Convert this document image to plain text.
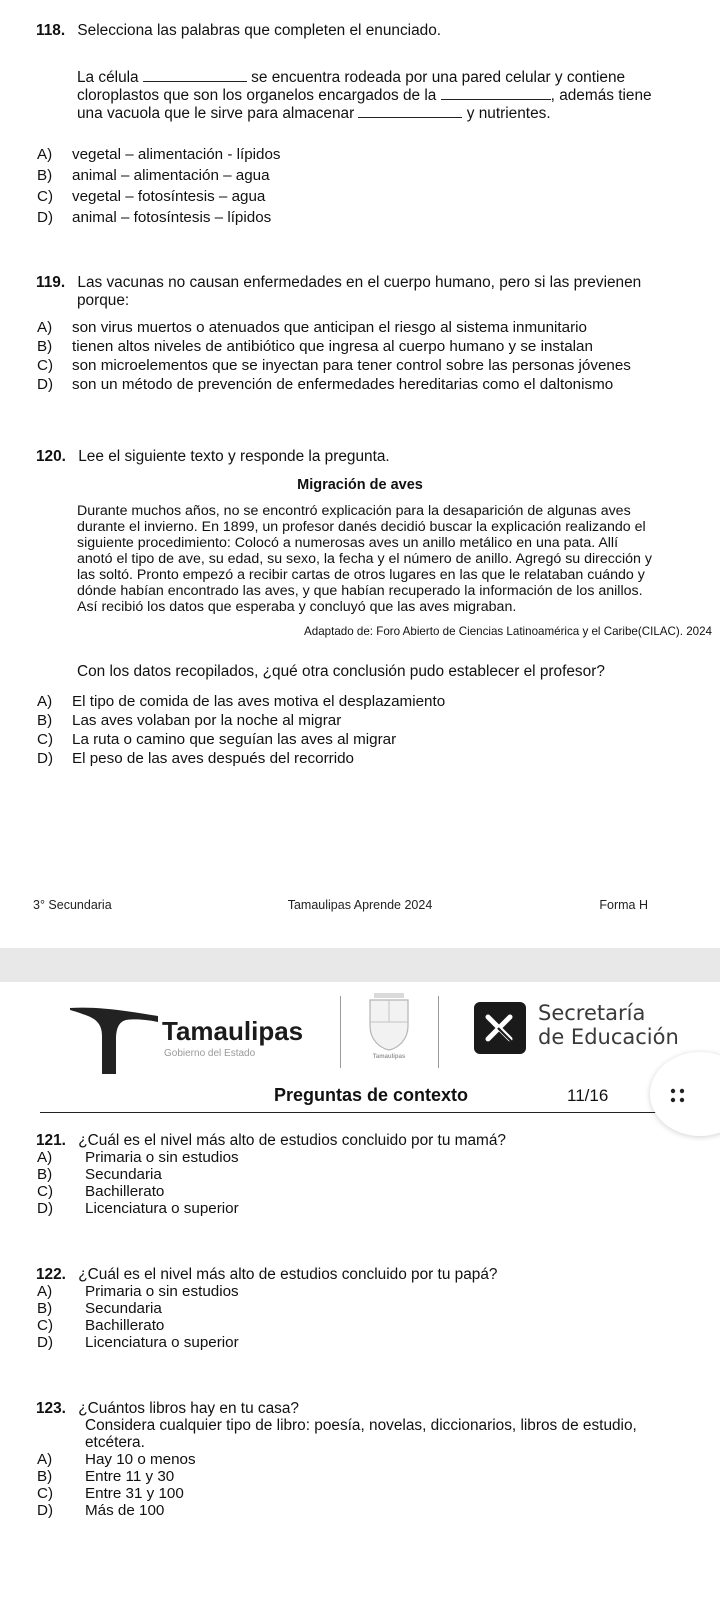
118. Selecciona las palabras que completen el enunciado.
La célula	se encuentra rodeada por una pared celular y contiene
cloroplastos que son los organelos encargados de la	, además tiene
una vacuola que le sirve para almacenar	y nutrientes.
A) vegetal – alimentación - lípidos
B) animal – alimentación – agua
C) vegetal – fotosíntesis – agua
D) animal – fotosíntesis – lípidos
119. Las vacunas no causan enfermedades en el cuerpo humano, pero si las previenen
porque:
A) son virus muertos o atenuados que anticipan el riesgo al sistema inmunitario
B) tienen altos niveles de antibiótico que ingresa al cuerpo humano y se instalan
C) son microelementos que se inyectan para tener control sobre las personas jóvenes
D) son un método de prevención de enfermedades hereditarias como el daltonismo
120. Lee el siguiente texto y responde la pregunta.
Migración de aves
Durante muchos años, no se encontró explicación para la desaparición de algunas aves
durante el invierno. En 1899, un profesor danés decidió buscar la explicación realizando el
siguiente procedimiento: Colocó a numerosas aves un anillo metálico en una pata. Allí
anotó el tipo de ave, su edad, su sexo, la fecha y el número de anillo. Agregó su dirección y
las soltó. Pronto empezó a recibir cartas de otros lugares en las que le relataban cuándo y
dónde habían encontrado las aves, y que habían recuperado la información de los anillos.
Así recibió los datos que esperaba y concluyó que las aves migraban.
Adaptado de: Foro Abierto de Ciencias Latinoamérica y el Caribe(CILAC). 2024
Con los datos recopilados, ¿qué otra conclusión pudo establecer el profesor?
A) El tipo de comida de las aves motiva el desplazamiento
B) Las aves volaban por la noche al migrar
C) La ruta o camino que seguían las aves al migrar
D) El peso de las aves después del recorrido
3° Secundaria	Tamaulipas Aprende 2024	Forma H
Tamaulipas
Gobierno del Estado	Tamaulipas
Secretaría
de Educación
Preguntas de contexto	11/16
121. ¿Cuál es el nivel más alto de estudios concluido por tu mamá?
A) Primaria o sin estudios
B) Secundaria
C) Bachillerato
D) Licenciatura o superior
122. ¿Cuál es el nivel más alto de estudios concluido por tu papá?
A) Primaria o sin estudios
B) Secundaria
C) Bachillerato
D) Licenciatura o superior
123. ¿Cuántos libros hay en tu casa?
Considera cualquier tipo de libro: poesía, novelas, diccionarios, libros de estudio,
etcétera.
A) Hay 10 o menos
B) Entre 11 y 30
C) Entre 31 y 100
D) Más de 100
